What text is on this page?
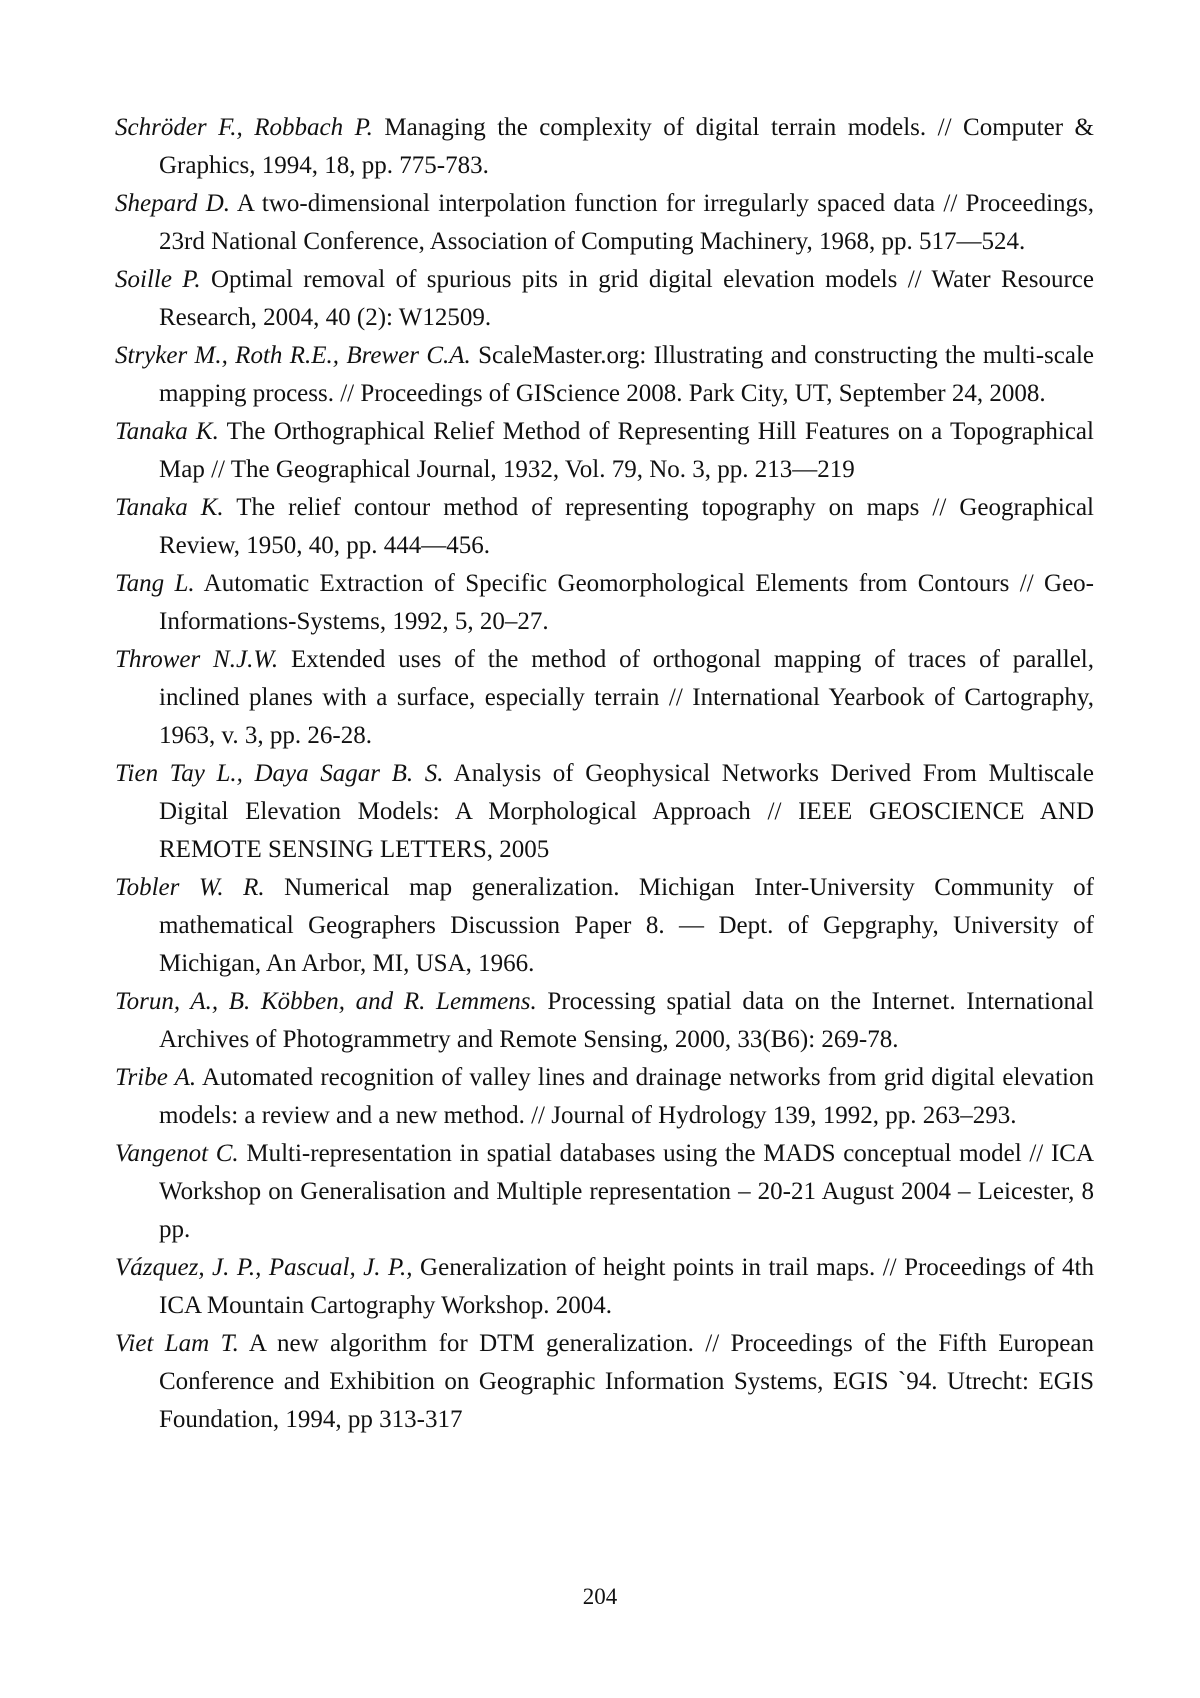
Schröder F., Robbach P. Managing the complexity of digital terrain models. // Computer & Graphics, 1994, 18, pp. 775-783.

Shepard D. A two-dimensional interpolation function for irregularly spaced data // Proceedings, 23rd National Conference, Association of Computing Machinery, 1968, pp. 517—524.

Soille P. Optimal removal of spurious pits in grid digital elevation models // Water Resource Research, 2004, 40 (2): W12509.

Stryker M., Roth R.E., Brewer C.A. ScaleMaster.org: Illustrating and constructing the multi-scale mapping process. // Proceedings of GIScience 2008. Park City, UT, September 24, 2008.

Tanaka K. The Orthographical Relief Method of Representing Hill Features on a Topographical Map // The Geographical Journal, 1932, Vol. 79, No. 3, pp. 213—219

Tanaka K. The relief contour method of representing topography on maps // Geographical Review, 1950, 40, pp. 444—456.

Tang L. Automatic Extraction of Specific Geomorphological Elements from Contours // Geo-Informations-Systems, 1992, 5, 20–27.

Thrower N.J.W. Extended uses of the method of orthogonal mapping of traces of parallel, inclined planes with a surface, especially terrain // International Yearbook of Cartography, 1963, v. 3, pp. 26-28.

Tien Tay L., Daya Sagar B. S. Analysis of Geophysical Networks Derived From Multiscale Digital Elevation Models: A Morphological Approach // IEEE GEOSCIENCE AND REMOTE SENSING LETTERS, 2005

Tobler W. R. Numerical map generalization. Michigan Inter-University Community of mathematical Geographers Discussion Paper 8. — Dept. of Gepgraphy, University of Michigan, An Arbor, MI, USA, 1966.

Torun, A., B. Köbben, and R. Lemmens. Processing spatial data on the Internet. International Archives of Photogrammetry and Remote Sensing, 2000, 33(B6): 269-78.

Tribe A. Automated recognition of valley lines and drainage networks from grid digital elevation models: a review and a new method. // Journal of Hydrology 139, 1992, pp. 263–293.

Vangenot C. Multi-representation in spatial databases using the MADS conceptual model // ICA Workshop on Generalisation and Multiple representation – 20-21 August 2004 – Leicester, 8 pp.

Vázquez, J. P., Pascual, J. P., Generalization of height points in trail maps. // Proceedings of 4th ICA Mountain Cartography Workshop. 2004.

Viet Lam T. A new algorithm for DTM generalization. // Proceedings of the Fifth European Conference and Exhibition on Geographic Information Systems, EGIS `94. Utrecht: EGIS Foundation, 1994, pp 313-317

204
